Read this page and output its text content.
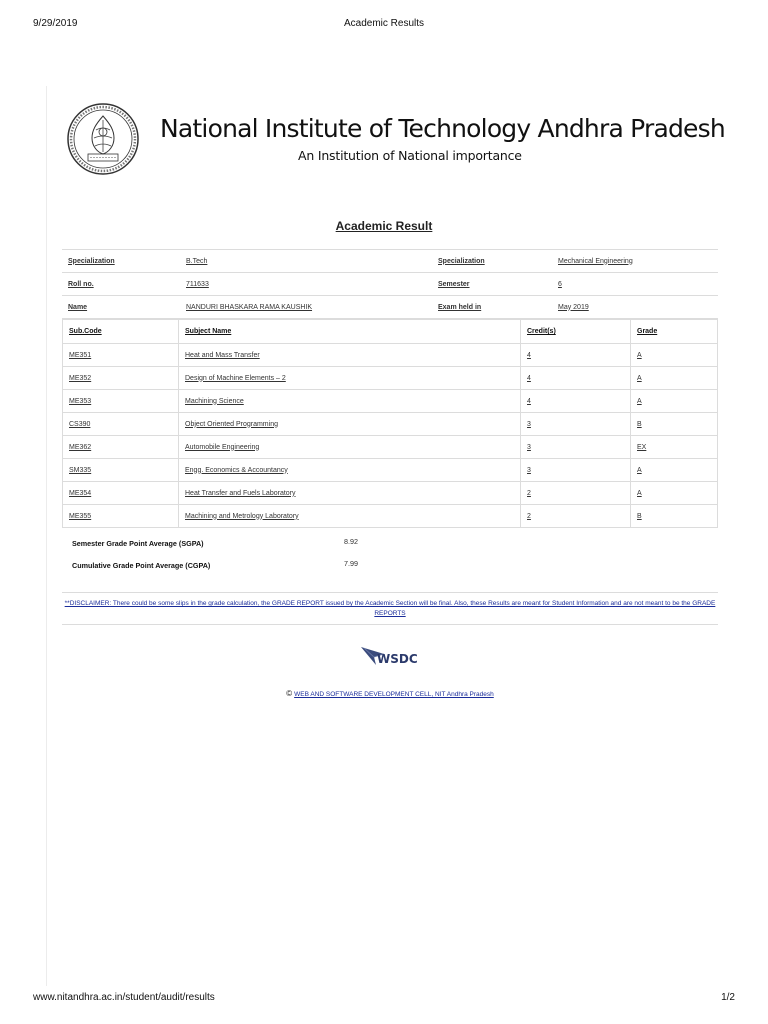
9/29/2019	Academic Results
National Institute of Technology Andhra Pradesh
An Institution of National importance
Academic Result
Specialization	B.Tech	Specialization	Mechanical Engineering
Roll no.	711633	Semester	6
Name	NANDURI BHASKARA RAMA KAUSHIK	Exam held in	May 2019
Sub.Code	Subject Name	Credit(s)	Grade
ME351	Heat and Mass Transfer	4	A
ME352	Design of Machine Elements – 2	4	A
ME353	Machining Science	4	A
CS390	Object Oriented Programming	3	B
ME362	Automobile Engineering	3	EX
SM335	Engg. Economics & Accountancy	3	A
ME354	Heat Transfer and Fuels Laboratory	2	A
ME355	Machining and Metrology Laboratory	2	B
Semester Grade Point Average (SGPA)	8.92
Cumulative Grade Point Average (CGPA)	7.99
**DISCLAIMER: There could be some slips in the grade calculation, the GRADE REPORT issued by the Academic Section will be final. Also, these Results are meant for Student Information and are not meant to be the GRADE REPORTS
WSDC
© WEB AND SOFTWARE DEVELOPMENT CELL, NIT Andhra Pradesh
www.nitandhra.ac.in/student/audit/results	1/2
